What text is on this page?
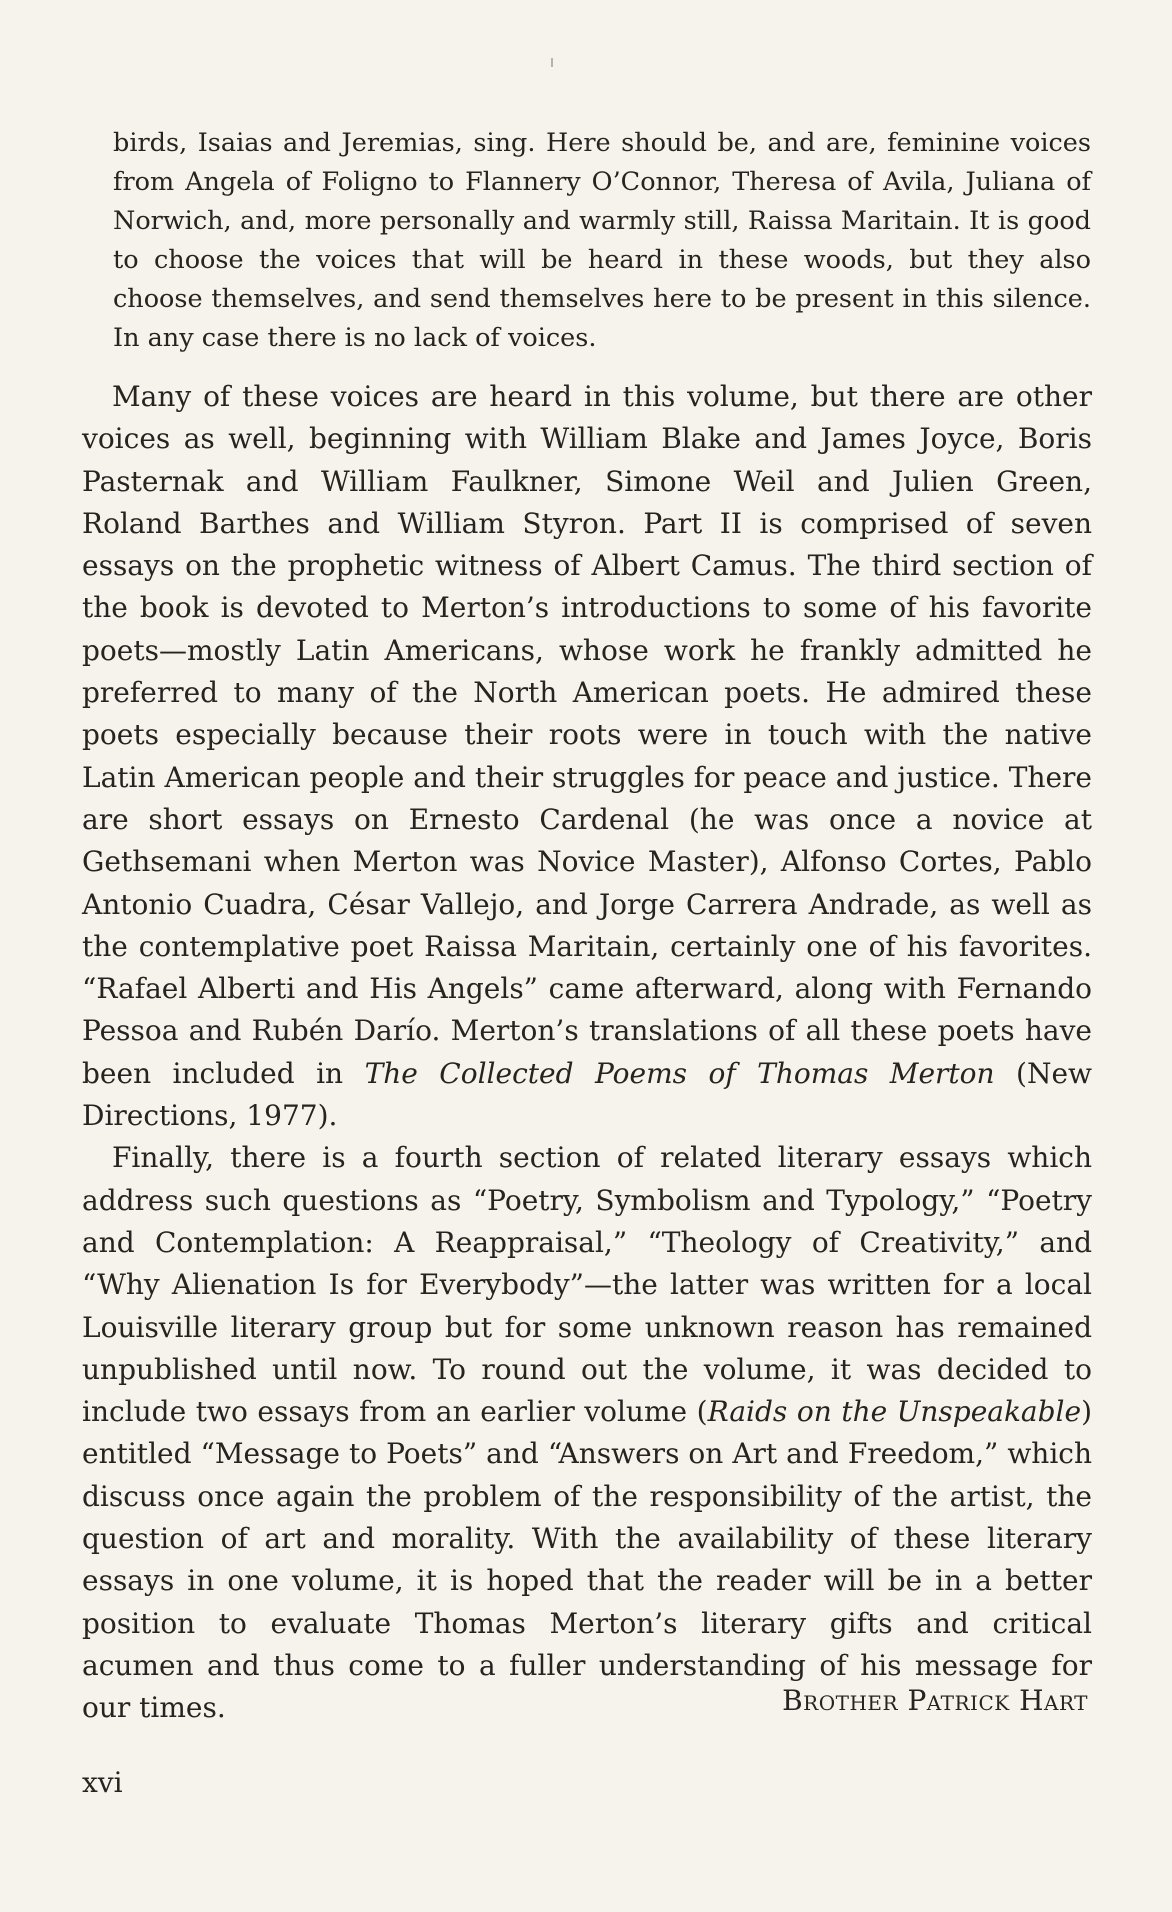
birds, Isaias and Jeremias, sing. Here should be, and are, feminine voices from Angela of Foligno to Flannery O’Connor, Theresa of Avila, Juliana of Norwich, and, more personally and warmly still, Raissa Maritain. It is good to choose the voices that will be heard in these woods, but they also choose themselves, and send themselves here to be present in this silence. In any case there is no lack of voices.

Many of these voices are heard in this volume, but there are other voices as well, beginning with William Blake and James Joyce, Boris Pasternak and William Faulkner, Simone Weil and Julien Green, Roland Barthes and William Styron. Part II is comprised of seven essays on the prophetic witness of Albert Camus. The third section of the book is devoted to Merton’s introductions to some of his favorite poets—mostly Latin Americans, whose work he frankly admitted he preferred to many of the North American poets. He admired these poets especially because their roots were in touch with the native Latin American people and their struggles for peace and justice. There are short essays on Ernesto Cardenal (he was once a novice at Gethsemani when Merton was Novice Master), Alfonso Cortes, Pablo Antonio Cuadra, César Vallejo, and Jorge Carrera Andrade, as well as the contemplative poet Raissa Maritain, certainly one of his favorites. “Rafael Alberti and His Angels” came afterward, along with Fernando Pessoa and Rubén Darío. Merton’s translations of all these poets have been included in The Collected Poems of Thomas Merton (New Directions, 1977).

Finally, there is a fourth section of related literary essays which address such questions as “Poetry, Symbolism and Typology,” “Poetry and Contemplation: A Reappraisal,” “Theology of Creativity,” and “Why Alienation Is for Everybody”—the latter was written for a local Louisville literary group but for some unknown reason has remained unpublished until now. To round out the volume, it was decided to include two essays from an earlier volume (Raids on the Unspeakable) entitled “Message to Poets” and “Answers on Art and Freedom,” which discuss once again the problem of the responsibility of the artist, the question of art and morality. With the availability of these literary essays in one volume, it is hoped that the reader will be in a better position to evaluate Thomas Merton’s literary gifts and critical acumen and thus come to a fuller understanding of his message for our times.	Brother Patrick Hart
xvi
